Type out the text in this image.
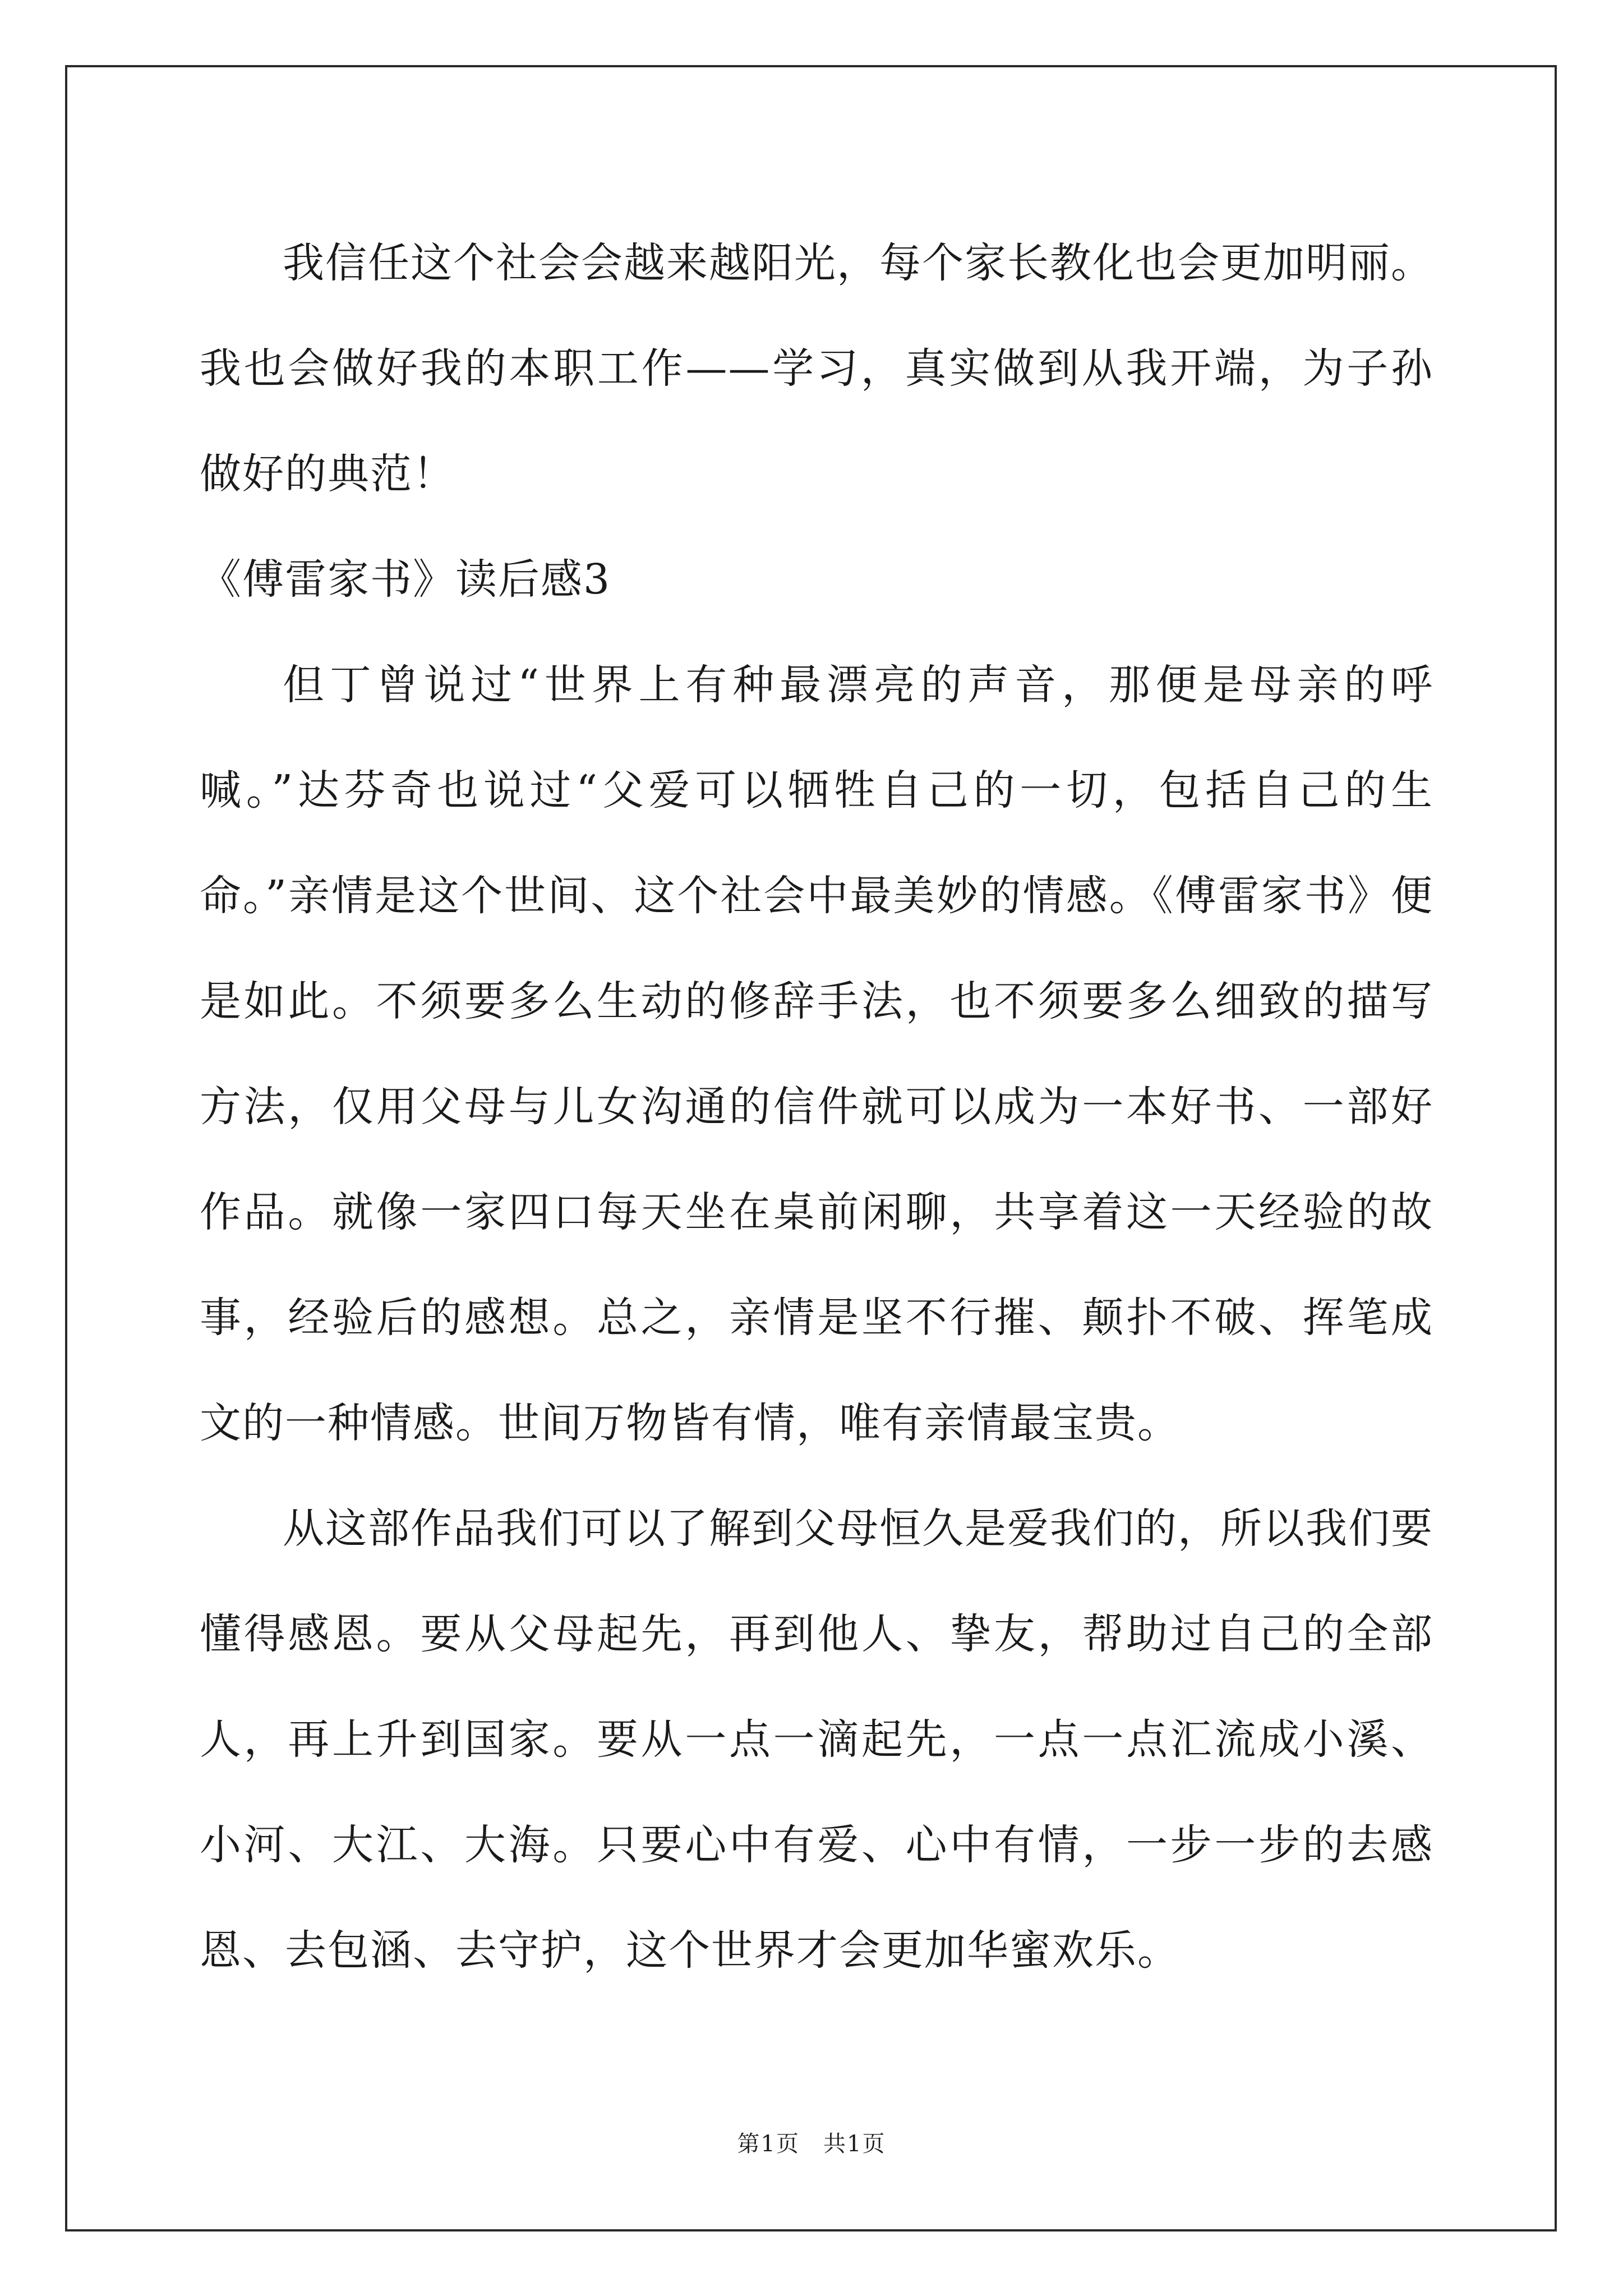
我信任这个社会会越来越阳光，每个家长教化也会更加明丽。我也会做好我的本职工作——学习，真实做到从我开端，为子孙做好的典范！

《傅雷家书》读后感3

但丁曾说过“世界上有种最漂亮的声音，那便是母亲的呼喊。”达芬奇也说过“父爱可以牺牲自己的一切，包括自己的生命。”亲情是这个世间、这个社会中最美妙的情感。《傅雷家书》便是如此。不须要多么生动的修辞手法，也不须要多么细致的描写方法，仅用父母与儿女沟通的信件就可以成为一本好书、一部好作品。就像一家四口每天坐在桌前闲聊，共享着这一天经验的故事，经验后的感想。总之，亲情是坚不行摧、颠扑不破、挥笔成文的一种情感。世间万物皆有情，唯有亲情最宝贵。

从这部作品我们可以了解到父母恒久是爱我们的，所以我们要懂得感恩。要从父母起先，再到他人、挚友，帮助过自己的全部人，再上升到国家。要从一点一滴起先，一点一点汇流成小溪、小河、大江、大海。只要心中有爱、心中有情，一步一步的去感恩、去包涵、去守护，这个世界才会更加华蜜欢乐。

第1页　共1页
